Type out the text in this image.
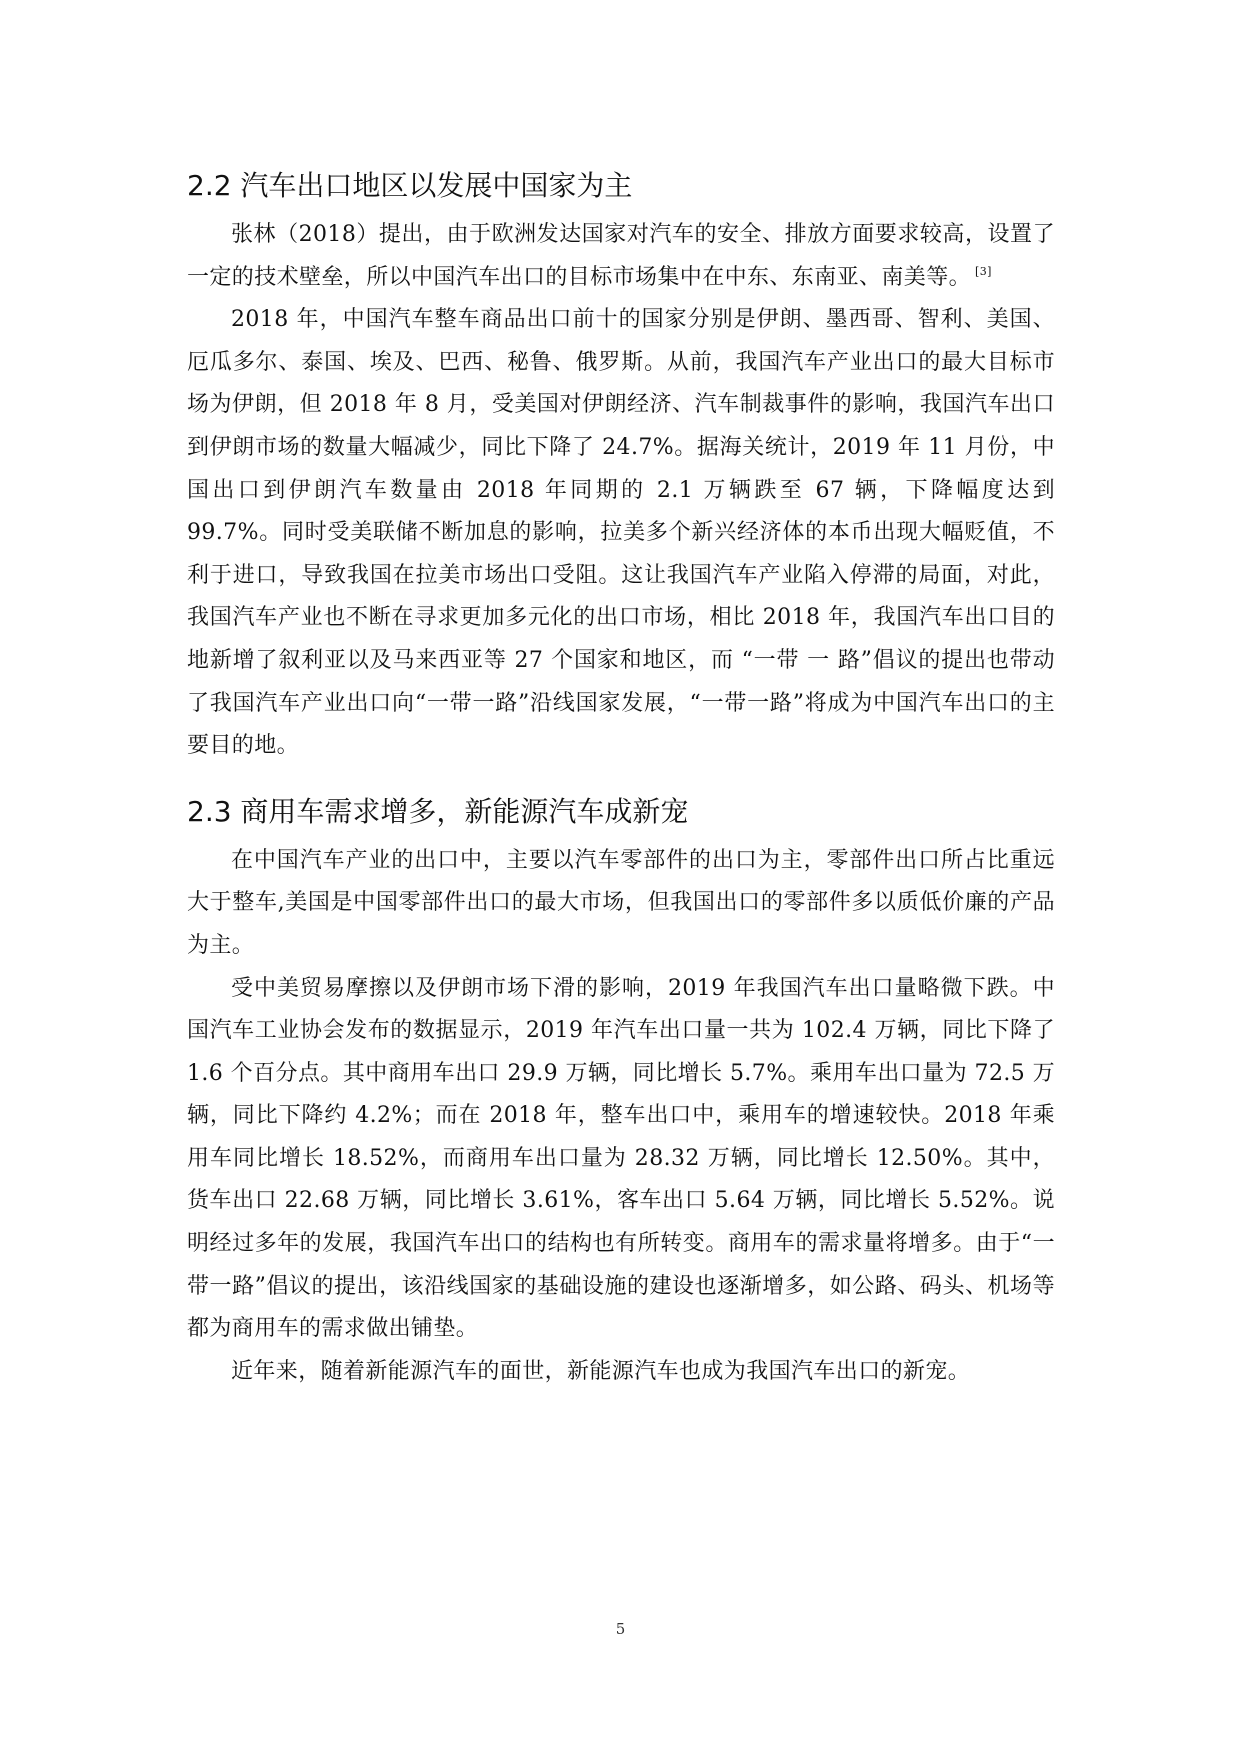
2.2 汽车出口地区以发展中国家为主

张林（2018）提出，由于欧洲发达国家对汽车的安全、排放方面要求较高，设置了一定的技术壁垒，所以中国汽车出口的目标市场集中在中东、东南亚、南美等。 [3]

2018 年，中国汽车整车商品出口前十的国家分别是伊朗、墨西哥、智利、美国、厄瓜多尔、泰国、埃及、巴西、秘鲁、俄罗斯。从前，我国汽车产业出口的最大目标市场为伊朗，但 2018 年 8 月，受美国对伊朗经济、汽车制裁事件的影响，我国汽车出口到伊朗市场的数量大幅减少，同比下降了 24.7%。据海关统计，2019 年 11 月份，中国出口到伊朗汽车数量由 2018 年同期的 2.1 万辆跌至 67 辆，下降幅度达到 99.7%。同时受美联储不断加息的影响，拉美多个新兴经济体的本币出现大幅贬值，不利于进口，导致我国在拉美市场出口受阻。这让我国汽车产业陷入停滞的局面，对此，我国汽车产业也不断在寻求更加多元化的出口市场，相比 2018 年，我国汽车出口目的地新增了叙利亚以及马来西亚等 27 个国家和地区，而 “一带 一 路”倡议的提出也带动了我国汽车产业出口向“一带一路”沿线国家发展，“一带一路”将成为中国汽车出口的主要目的地。

2.3 商用车需求增多，新能源汽车成新宠

在中国汽车产业的出口中，主要以汽车零部件的出口为主，零部件出口所占比重远大于整车,美国是中国零部件出口的最大市场，但我国出口的零部件多以质低价廉的产品为主。

受中美贸易摩擦以及伊朗市场下滑的影响，2019 年我国汽车出口量略微下跌。中国汽车工业协会发布的数据显示，2019 年汽车出口量一共为 102.4 万辆，同比下降了 1.6 个百分点。其中商用车出口 29.9 万辆，同比增长 5.7%。乘用车出口量为 72.5 万辆，同比下降约 4.2%；而在 2018 年，整车出口中，乘用车的增速较快。2018 年乘用车同比增长 18.52%，而商用车出口量为 28.32 万辆，同比增长 12.50%。其中，货车出口 22.68 万辆，同比增长 3.61%，客车出口 5.64 万辆，同比增长 5.52%。说明经过多年的发展，我国汽车出口的结构也有所转变。商用车的需求量将增多。由于“一带一路”倡议的提出，该沿线国家的基础设施的建设也逐渐增多，如公路、码头、机场等都为商用车的需求做出铺垫。

近年来，随着新能源汽车的面世，新能源汽车也成为我国汽车出口的新宠。

5
